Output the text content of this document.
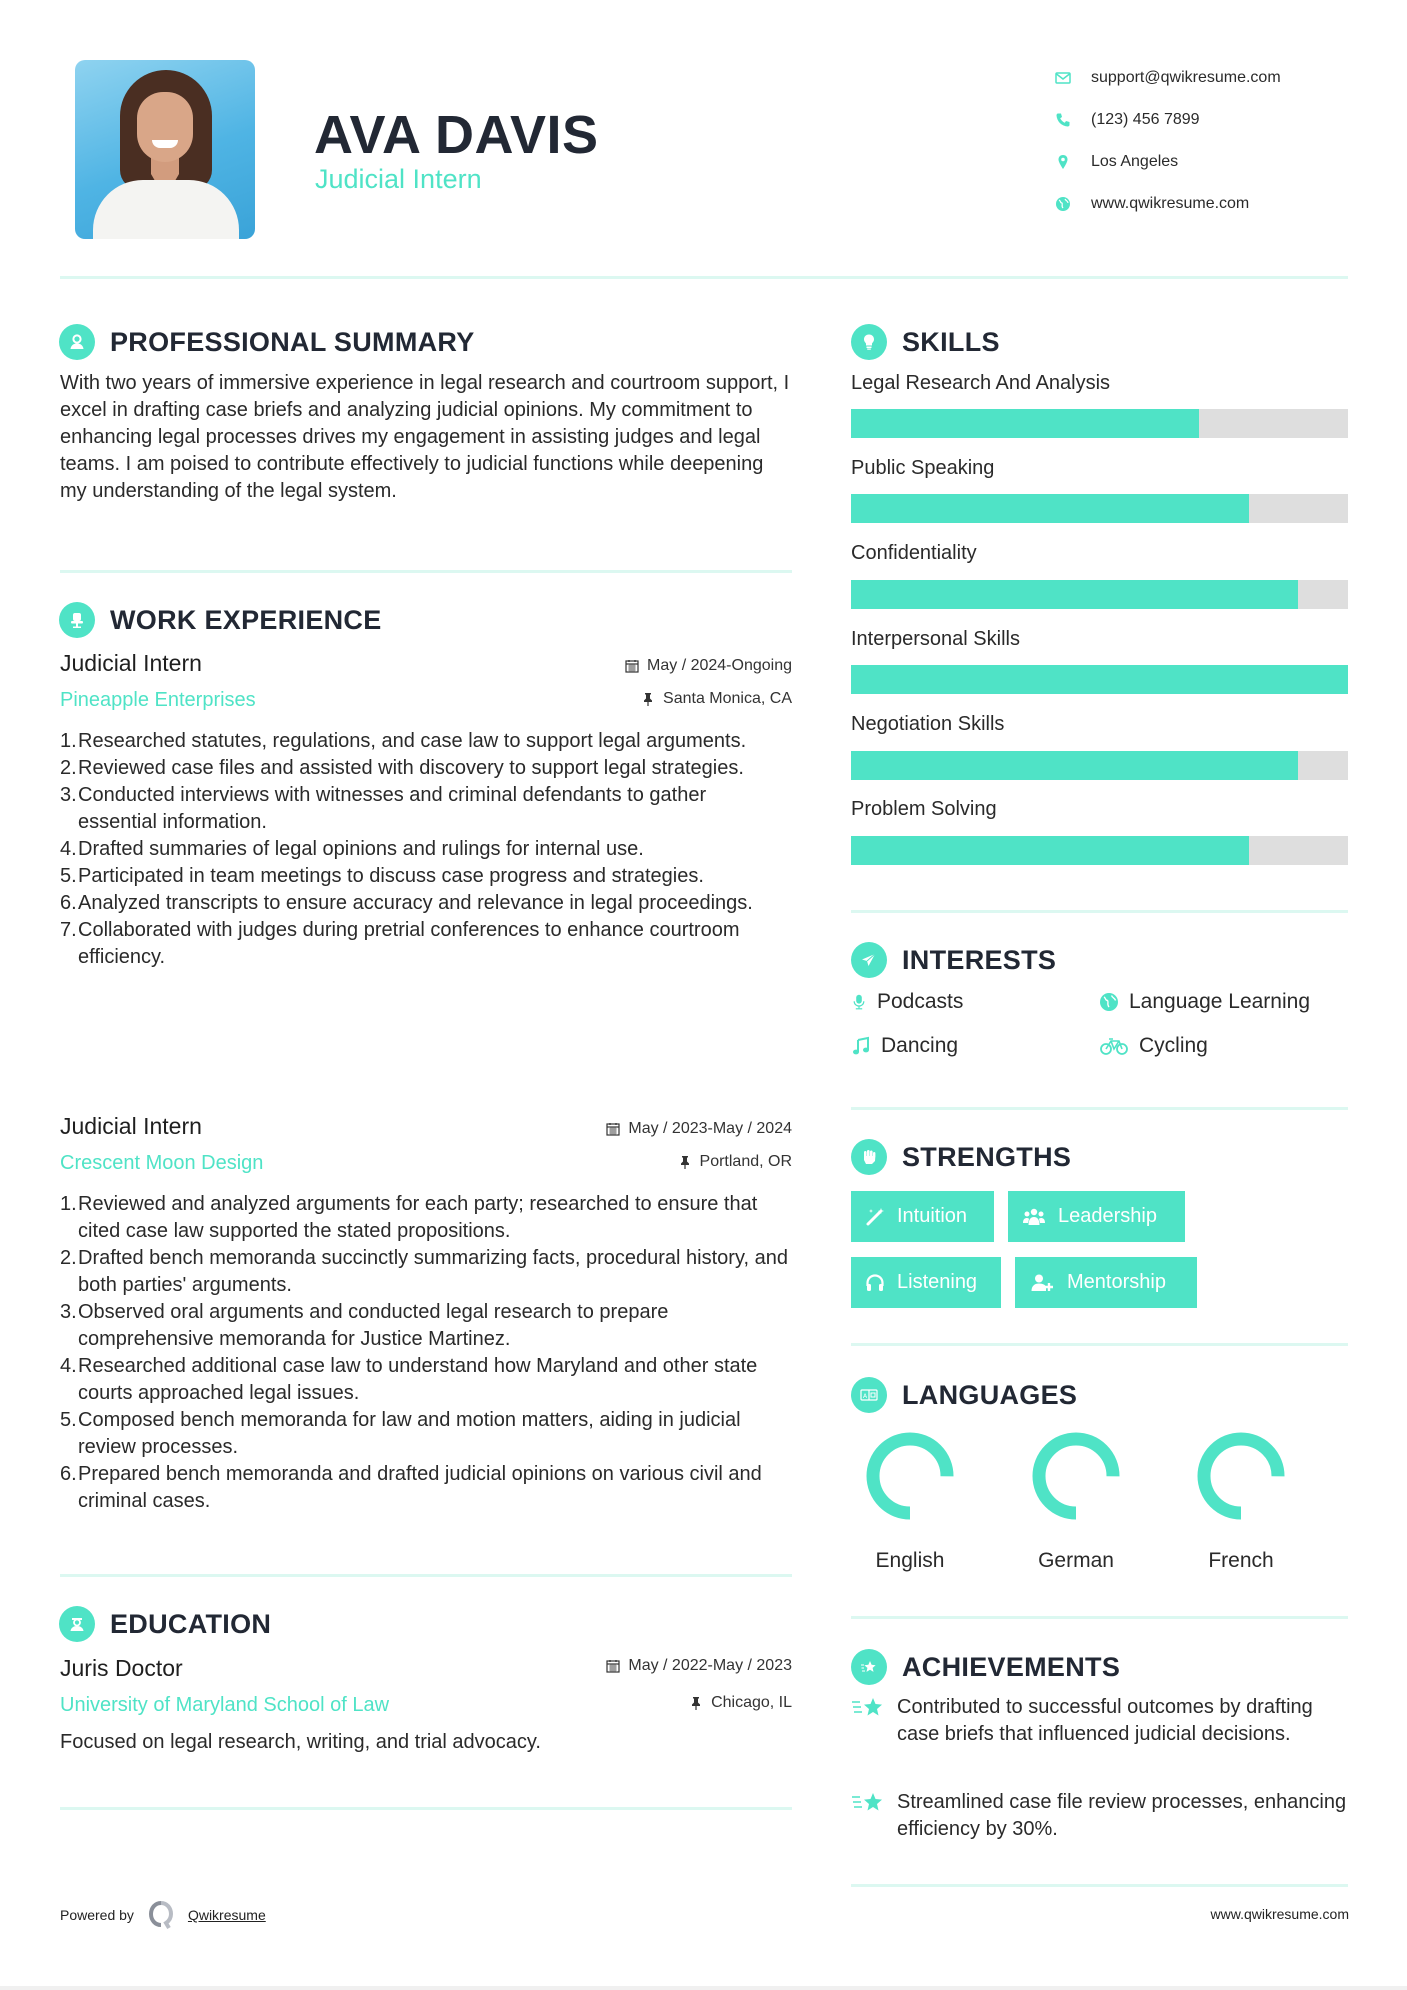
AVA DAVIS
Judicial Intern
support@qwikresume.com
(123) 456 7899
Los Angeles
www.qwikresume.com
PROFESSIONAL SUMMARY
With two years of immersive experience in legal research and courtroom support, I excel in drafting case briefs and analyzing judicial opinions. My commitment to enhancing legal processes drives my engagement in assisting judges and legal teams. I am poised to contribute effectively to judicial functions while deepening my understanding of the legal system.
WORK EXPERIENCE
Judicial Intern	May / 2024-Ongoing
Pineapple Enterprises	Santa Monica, CA
1. Researched statutes, regulations, and case law to support legal arguments.
2. Reviewed case files and assisted with discovery to support legal strategies.
3. Conducted interviews with witnesses and criminal defendants to gather essential information.
4. Drafted summaries of legal opinions and rulings for internal use.
5. Participated in team meetings to discuss case progress and strategies.
6. Analyzed transcripts to ensure accuracy and relevance in legal proceedings.
7. Collaborated with judges during pretrial conferences to enhance courtroom efficiency.
Judicial Intern	May / 2023-May / 2024
Crescent Moon Design	Portland, OR
1. Reviewed and analyzed arguments for each party; researched to ensure that cited case law supported the stated propositions.
2. Drafted bench memoranda succinctly summarizing facts, procedural history, and both parties' arguments.
3. Observed oral arguments and conducted legal research to prepare comprehensive memoranda for Justice Martinez.
4. Researched additional case law to understand how Maryland and other state courts approached legal issues.
5. Composed bench memoranda for law and motion matters, aiding in judicial review processes.
6. Prepared bench memoranda and drafted judicial opinions on various civil and criminal cases.
EDUCATION
Juris Doctor	May / 2022-May / 2023
University of Maryland School of Law	Chicago, IL
Focused on legal research, writing, and trial advocacy.
SKILLS
Legal Research And Analysis
Public Speaking
Confidentiality
Interpersonal Skills
Negotiation Skills
Problem Solving
INTERESTS
Podcasts	Language Learning
Dancing	Cycling
STRENGTHS
Intuition	Leadership
Listening	Mentorship
A LANGUAGES
English	German	French
ACHIEVEMENTS
Contributed to successful outcomes by drafting case briefs that influenced judicial decisions.
Streamlined case file review processes, enhancing efficiency by 30%.
Powered by	Qwikresume	www.qwikresume.com
